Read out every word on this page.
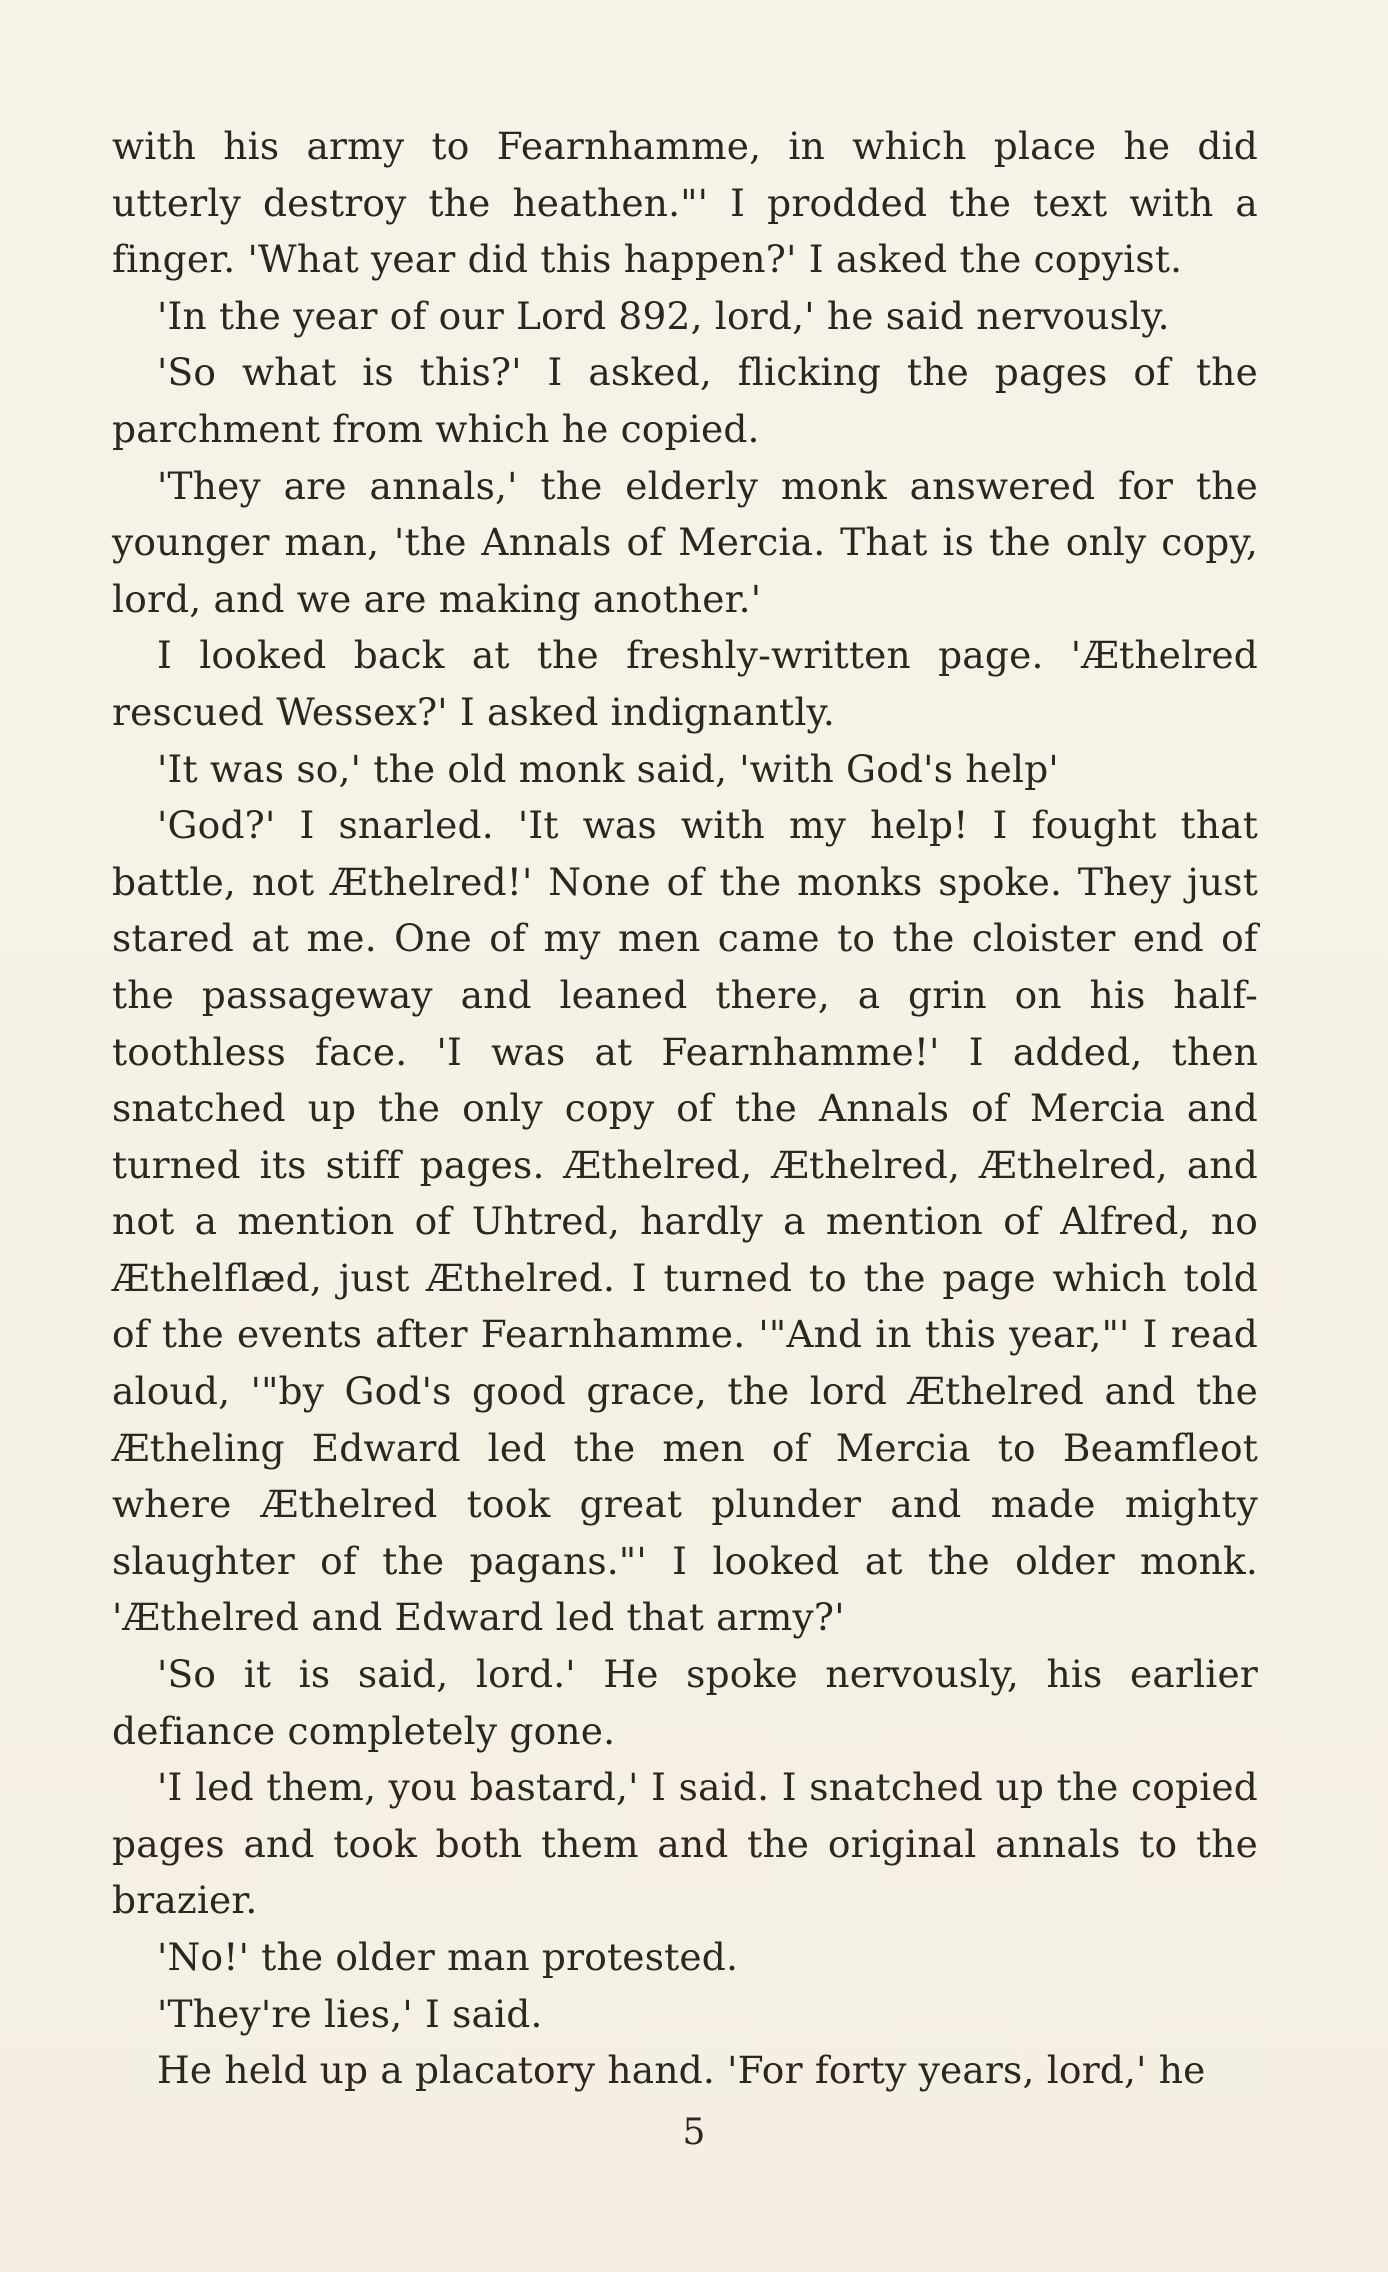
with his army to Fearnhamme, in which place he did utterly destroy the heathen."' I prodded the text with a finger. 'What year did this happen?' I asked the copyist.

'In the year of our Lord 892, lord,' he said nervously.

'So what is this?' I asked, flicking the pages of the parchment from which he copied.

'They are annals,' the elderly monk answered for the younger man, 'the Annals of Mercia. That is the only copy, lord, and we are making another.'

I looked back at the freshly-written page. 'Æthelred rescued Wessex?' I asked indignantly.

'It was so,' the old monk said, 'with God's help'

'God?' I snarled. 'It was with my help! I fought that battle, not Æthelred!' None of the monks spoke. They just stared at me. One of my men came to the cloister end of the passageway and leaned there, a grin on his half-toothless face. 'I was at Fearnhamme!' I added, then snatched up the only copy of the Annals of Mercia and turned its stiff pages. Æthelred, Æthelred, Æthelred, and not a mention of Uhtred, hardly a mention of Alfred, no Æthelflæd, just Æthelred. I turned to the page which told of the events after Fearnhamme. '"And in this year,"' I read aloud, '"by God's good grace, the lord Æthelred and the Ætheling Edward led the men of Mercia to Beamfleot where Æthelred took great plunder and made mighty slaughter of the pagans."' I looked at the older monk. 'Æthelred and Edward led that army?'

'So it is said, lord.' He spoke nervously, his earlier defiance completely gone.

'I led them, you bastard,' I said. I snatched up the copied pages and took both them and the original annals to the brazier.

'No!' the older man protested.

'They're lies,' I said.

He held up a placatory hand. 'For forty years, lord,' he

5
